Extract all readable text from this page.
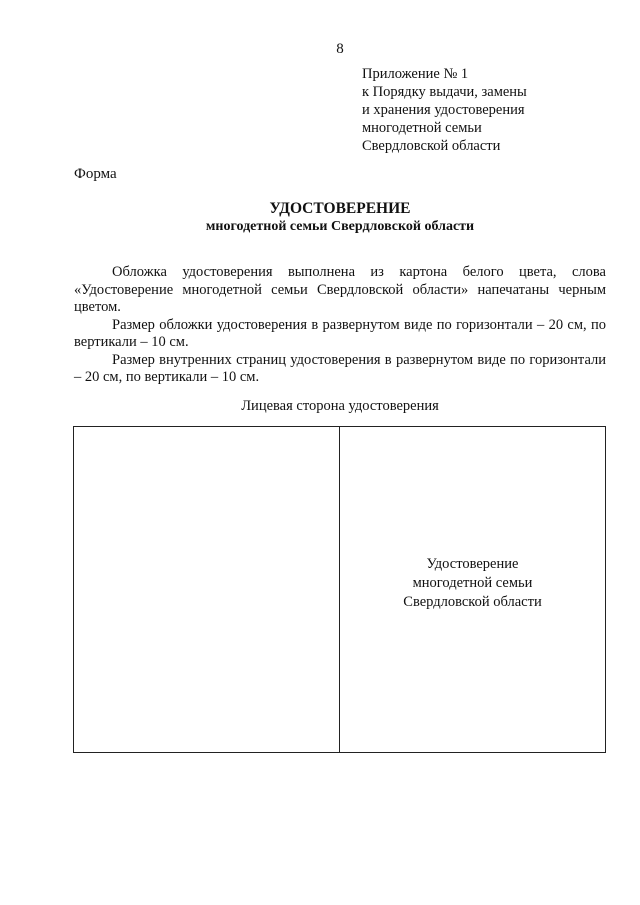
8
Приложение № 1
к Порядку выдачи, замены
и хранения удостоверения
многодетной семьи
Свердловской области
Форма
УДОСТОВЕРЕНИЕ
многодетной семьи Свердловской области

Обложка удостоверения выполнена из картона белого цвета, слова «Удостоверение многодетной семьи Свердловской области» напечатаны черным цветом.

Размер обложки удостоверения в развернутом виде по горизонтали – 20 см, по вертикали – 10 см.

Размер внутренних страниц удостоверения в развернутом виде по горизонтали – 20 см, по вертикали – 10 см.

Лицевая сторона удостоверения
Удостоверение
многодетной семьи
Свердловской области
